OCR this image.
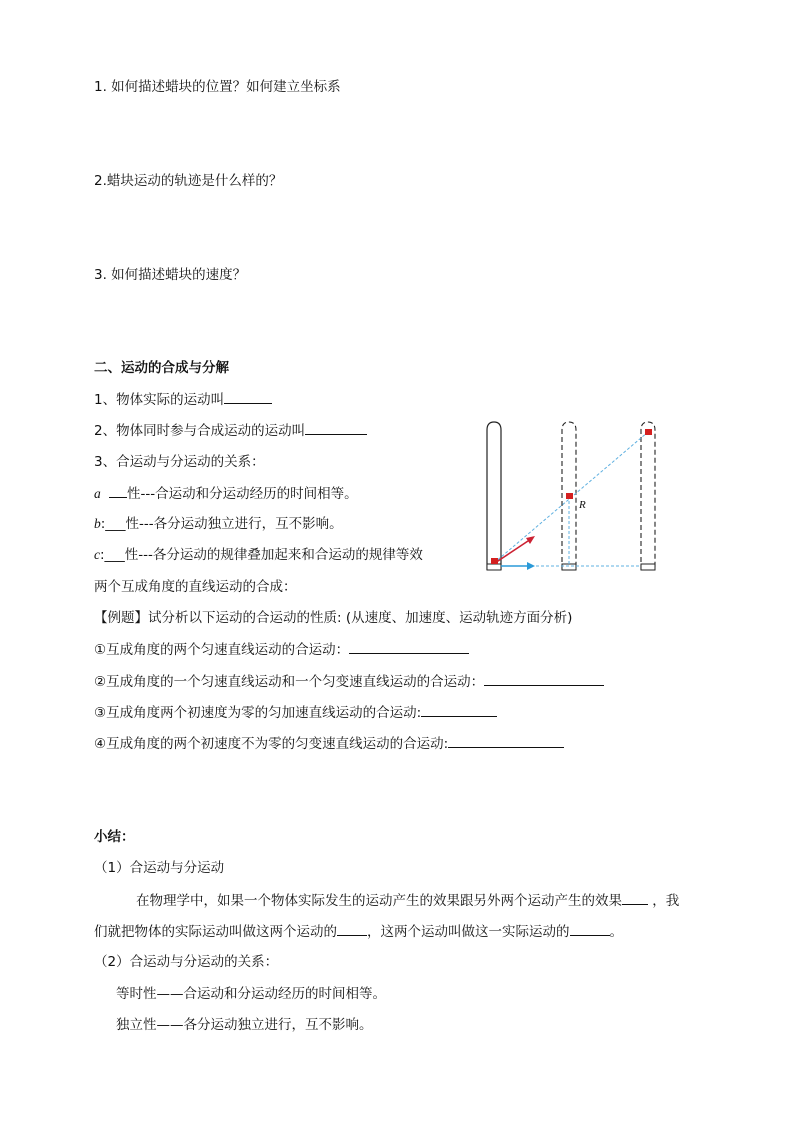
1. 如何描述蜡块的位置？如何建立坐标系
2.蜡块运动的轨迹是什么样的？
3. 如何描述蜡块的速度？
二、运动的合成与分解
1、物体实际的运动叫
2、物体同时参与合成运动的运动叫
3、合运动与分运动的关系：
a 性---合运动和分运动经历的时间相等。
b:___性---各分运动独立进行，互不影响。
c:___性---各分运动的规律叠加起来和合运动的规律等效
两个互成角度的直线运动的合成：
【例题】试分析以下运动的合运动的性质: (从速度、加速度、运动轨迹方面分析)
①互成角度的两个匀速直线运动的合运动：
②互成角度的一个匀速直线运动和一个匀变速直线运动的合运动：
③互成角度两个初速度为零的匀加速直线运动的合运动:
④互成角度的两个初速度不为零的匀变速直线运动的合运动:
R
小结：
（1）合运动与分运动
在物理学中，如果一个物体实际发生的运动产生的效果跟另外两个运动产生的效果 ，我
们就把物体的实际运动叫做这两个运动的 ，这两个运动叫做这一实际运动的	。
（2）合运动与分运动的关系：
等时性——合运动和分运动经历的时间相等。
独立性——各分运动独立进行，互不影响。
